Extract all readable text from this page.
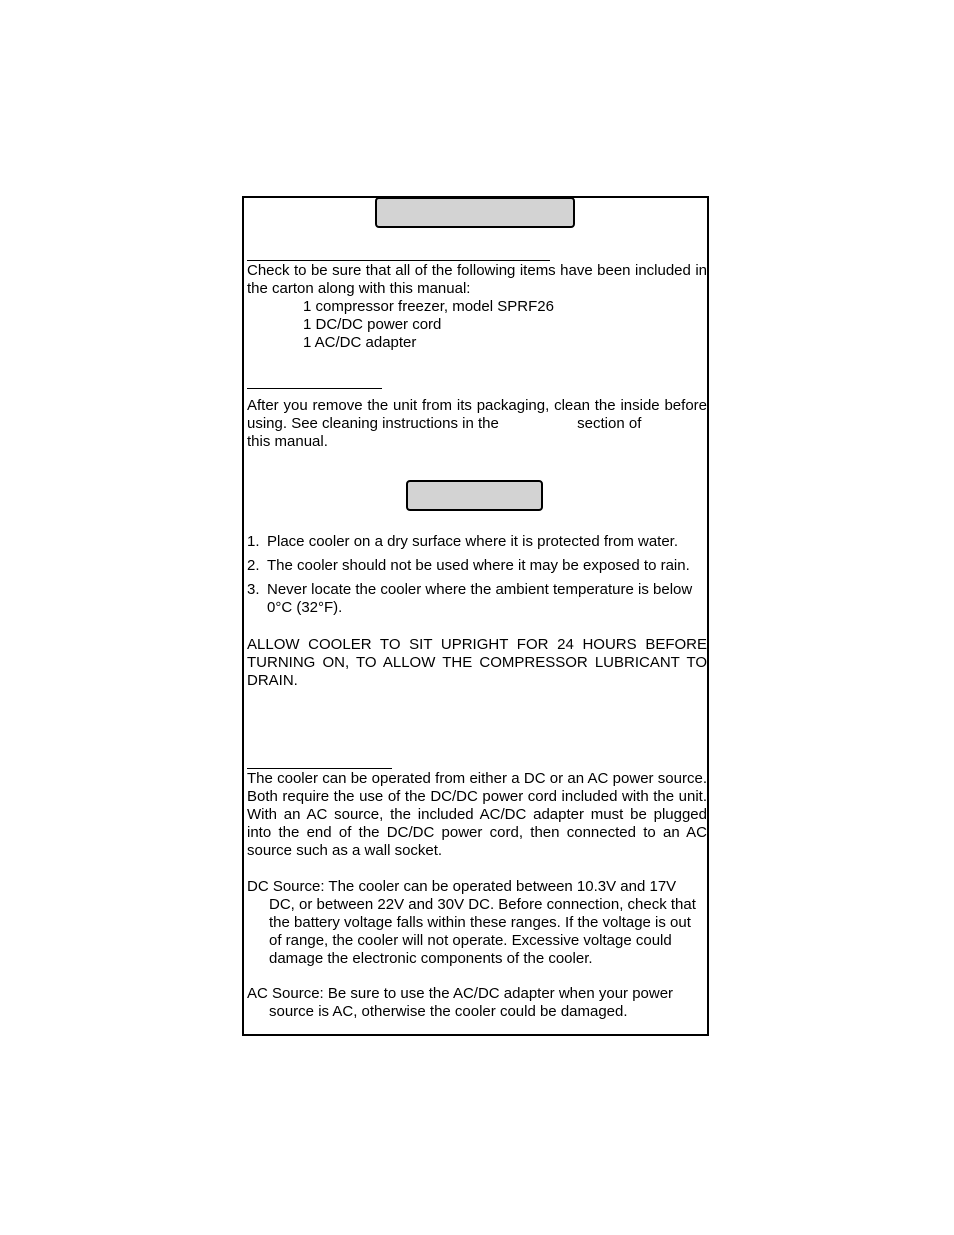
Check to be sure that all of the following items have been included in the carton along with this manual:
1 compressor freezer, model SPRF26
1 DC/DC power cord
1 AC/DC adapter
After you remove the unit from its packaging, clean the inside before using. See cleaning instructions in the	section of
this manual.
1. Place cooler on a dry surface where it is protected from water.
2. The cooler should not be used where it may be exposed to rain.
3. Never locate the cooler where the ambient temperature is below 0°C (32°F).
ALLOW COOLER TO SIT UPRIGHT FOR 24 HOURS BEFORE TURNING ON, TO ALLOW THE COMPRESSOR LUBRICANT TO DRAIN.
The cooler can be operated from either a DC or an AC power source. Both require the use of the DC/DC power cord included with the unit. With an AC source, the included AC/DC adapter must be plugged into the end of the DC/DC power cord, then connected to an AC source such as a wall socket.
DC Source: The cooler can be operated between 10.3V and 17V
DC, or between 22V and 30V DC. Before connection, check that the battery voltage falls within these ranges. If the voltage is out of range, the cooler will not operate. Excessive voltage could damage the electronic components of the cooler.
AC Source: Be sure to use the AC/DC adapter when your power
source is AC, otherwise the cooler could be damaged.
